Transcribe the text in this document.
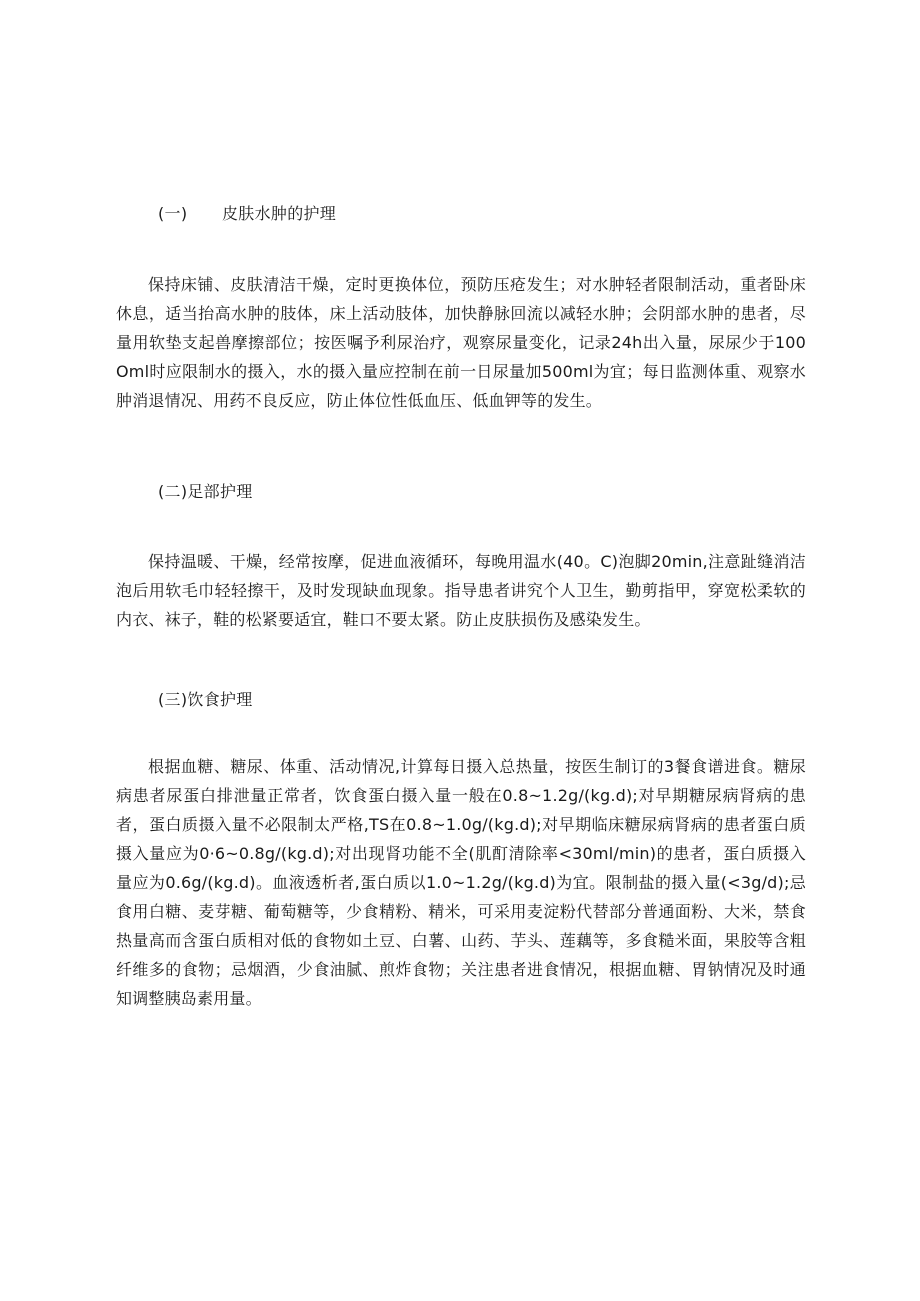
(一) 皮肤水肿的护理
保持床铺、皮肤清洁干燥，定时更换体位，预防压疮发生；对水肿轻者限制活动，重者卧床休息，适当抬高水肿的肢体，床上活动肢体，加快静脉回流以减轻水肿；会阴部水肿的患者，尽量用软垫支起兽摩擦部位；按医嘱予利尿治疗，观察尿量变化，记录24h出入量，尿尿少于100Oml时应限制水的摄入，水的摄入量应控制在前一日尿量加500ml为宜；每日监测体重、观察水肿消退情况、用药不良反应，防止体位性低血压、低血钾等的发生。
(二)足部护理
保持温暖、干燥，经常按摩，促进血液循环，每晚用温水(40。C)泡脚20min,注意趾缝消洁泡后用软毛巾轻轻擦干，及时发现缺血现象。指导患者讲究个人卫生，勤剪指甲，穿宽松柔软的内衣、袜子，鞋的松紧要适宜，鞋口不要太紧。防止皮肤损伤及感染发生。
(三)饮食护理
根据血糖、糖尿、体重、活动情况,计算每日摄入总热量，按医生制订的3餐食谱进食。糖尿病患者尿蛋白排泄量正常者，饮食蛋白摄入量一般在0.8~1.2g/(kg.d);对早期糖尿病肾病的患者，蛋白质摄入量不必限制太严格,TS在0.8~1.0g∕(kg.d);对早期临床糖尿病肾病的患者蛋白质摄入量应为0·6~0.8g/(kg.d);对出现肾功能不全(肌酊清除率<30ml∕min)的患者，蛋白质摄入量应为0.6g∕(kg.d)。血液透析者,蛋白质以1.0~1.2g∕(kg.d)为宜。限制盐的摄入量(<3g∕d);忌食用白糖、麦芽糖、葡萄糖等，少食精粉、精米，可采用麦淀粉代替部分普通面粉、大米，禁食热量高而含蛋白质相对低的食物如土豆、白薯、山药、芋头、莲藕等，多食糙米面，果胶等含粗纤维多的食物；忌烟酒，少食油腻、煎炸食物；关注患者进食情况，根据血糖、胃钠情况及时通知调整胰岛素用量。
